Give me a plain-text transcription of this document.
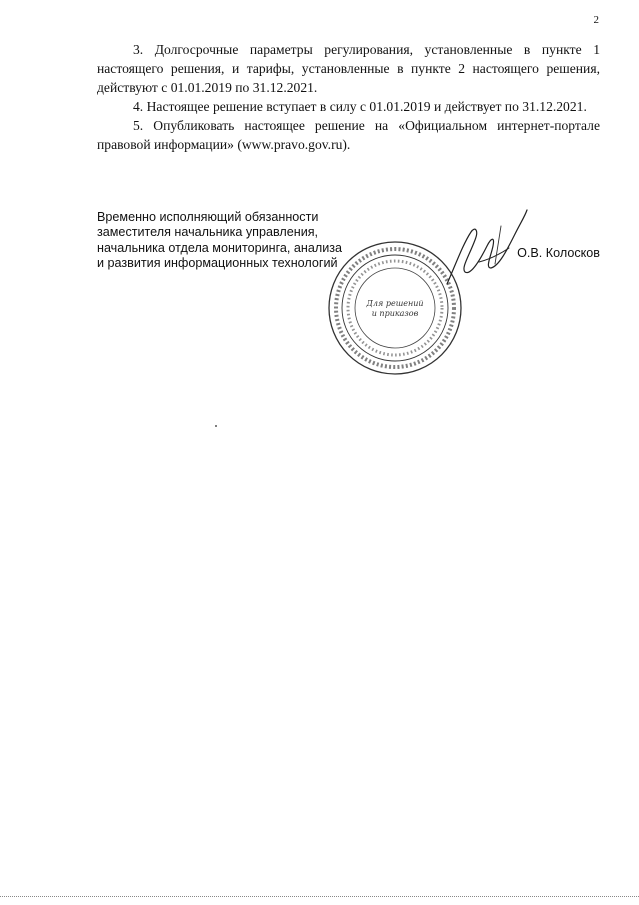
2

3. Долгосрочные параметры регулирования, установленные в пункте 1 настоящего решения, и тарифы, установленные в пункте 2 настоящего решения, действуют с 01.01.2019 по 31.12.2021.

4. Настоящее решение вступает в силу с 01.01.2019 и действует по 31.12.2021.

5. Опубликовать настоящее решение на «Официальном интернет-портале правовой информации» (www.pravo.gov.ru).

Временно исполняющий обязанности
заместителя начальника управления,
начальника отдела мониторинга, анализа
и развития информационных технологий
Для решений
и приказов
О.В. Колосков
